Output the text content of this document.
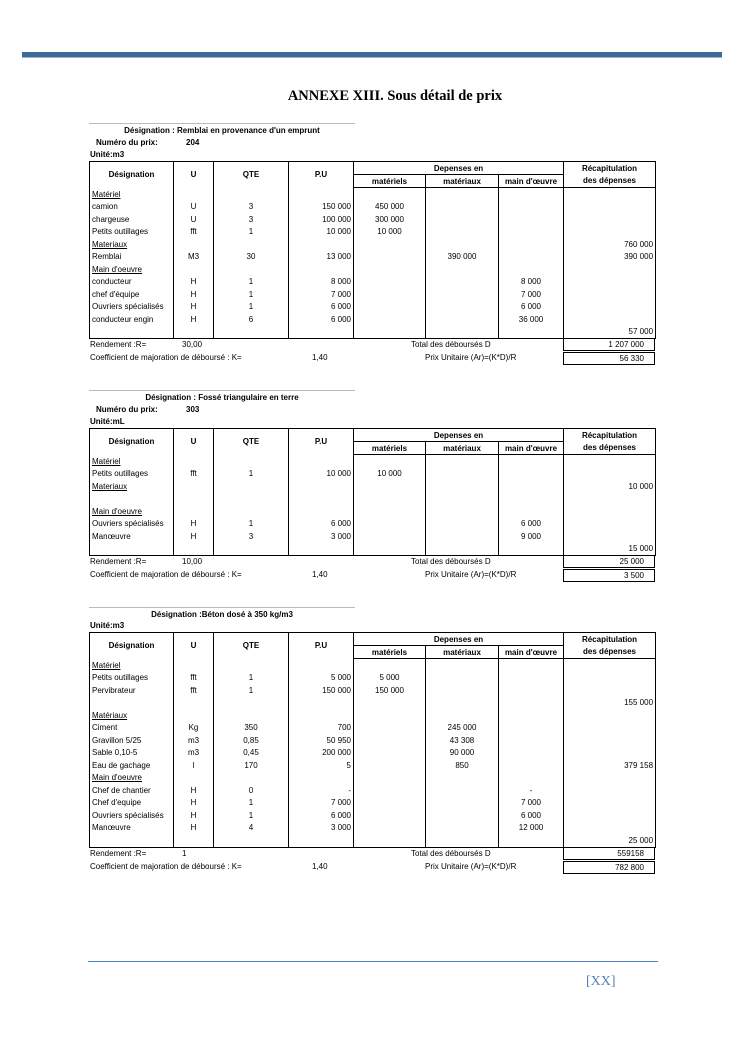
ANNEXE XIII. Sous détail de prix
Désignation : Remblai en provenance d'un emprunt
Numéro du prix:	204
Unité:m3
Désignation	U	QTE	P.U	Depenses en			Récapitulation
				matériels	matériaux	main d'œuvre	des dépenses
Matériel							
camion	U	3	150 000	450 000			
chargeuse	U	3	100 000	300 000			
Petits outillages	fft	1	10 000	10 000			
Materiaux							760 000
Remblai	M3	30	13 000		390 000		390 000
Main d'oeuvre							
conducteur	H	1	8 000			8 000	
chef d'équipe	H	1	7 000			7 000	
Ouvriers spécialisés	H	1	6 000			6 000	
conducteur engin	H	6	6 000			36 000	
							57 000
Rendement :R=	30,00	Total des déboursés D	1 207 000
Coefficient de majoration de déboursé : K=	1,40	Prix Unitaire (Ar)=(K*D)/R	56 330
Désignation : Fossé triangulaire en terre
Numéro du prix:	303
Unité:mL
Désignation	U	QTE	P.U	Depenses en			Récapitulation
				matériels	matériaux	main d'œuvre	des dépenses
Matériel							
Petits outillages	fft	1	10 000	10 000			
Materiaux							10 000

Main d'oeuvre							
Ouvriers spécialisés	H	1	6 000			6 000	
Manœuvre	H	3	3 000			9 000	
							15 000
Rendement :R=	10,00	Total des déboursés D	25 000
Coefficient de majoration de déboursé : K=	1,40	Prix Unitaire (Ar)=(K*D)/R	3 500
Désignation :Béton dosé à 350 kg/m3
Unité:m3
Désignation	U	QTE	P.U	Depenses en			Récapitulation
				matériels	matériaux	main d'œuvre	des dépenses
Matériel							
Petits outillages	fft	1	5 000	5 000			
Pervibrateur	fft	1	150 000	150 000			
							155 000
Matériaux							
Ciment	Kg	350	700		245 000		
Gravillon 5/25	m3	0,85	50 950		43 308		
Sable 0,10-5	m3	0,45	200 000		90 000		
Eau de gachage	l	170	5		850		379 158
Main d'oeuvre							
Chef de chantier	H	0	-			-	
Chef d'equipe	H	1	7 000			7 000	
Ouvriers spécialisés	H	1	6 000			6 000	
Manœuvre	H	4	3 000			12 000	
							25 000
Rendement :R=	1	Total des déboursés D	559158
Coefficient de majoration de déboursé : K=	1,40	Prix Unitaire (Ar)=(K*D)/R	782 800
[XX]
